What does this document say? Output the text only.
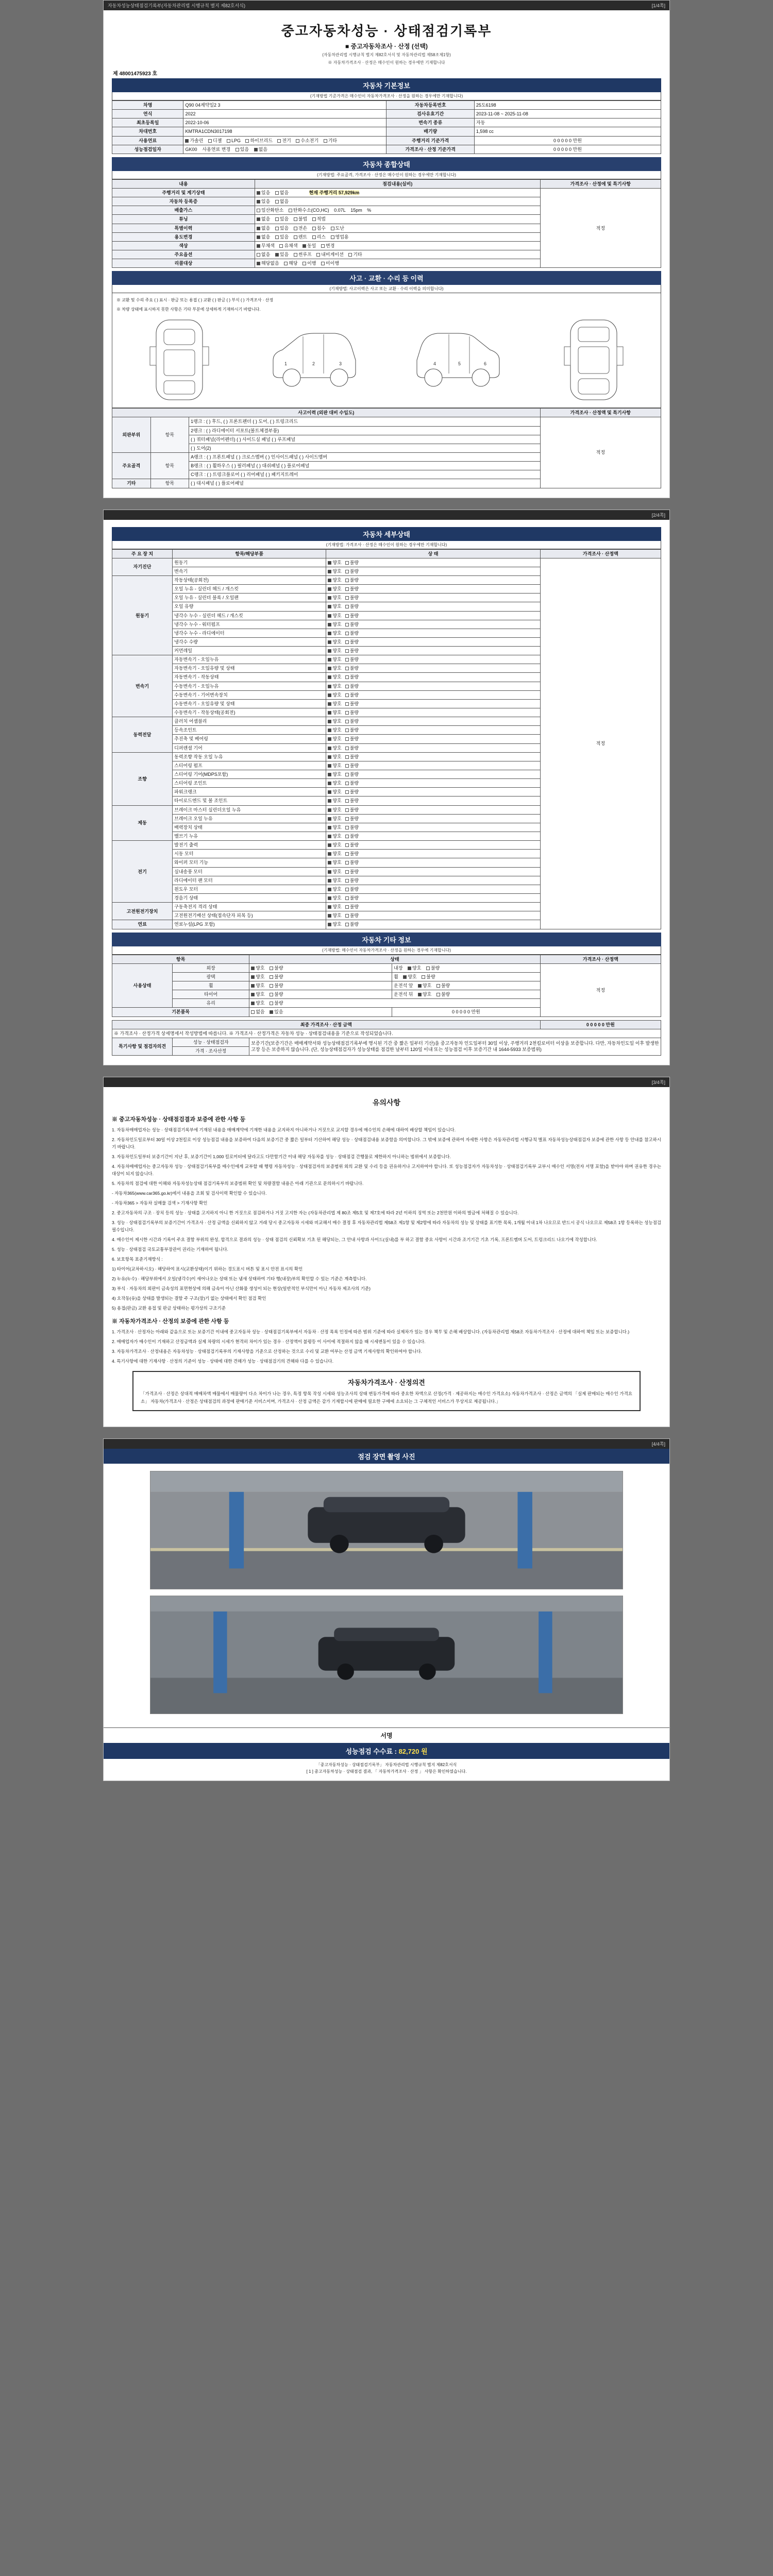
자동차성능상태점검기록부(자동차관리법 시행규칙 별지 제82호서식)	[1/4쪽]
중고자동차성능 · 상태점검기록부
■ 중고자동차조사 · 산정 (선택)
(자동차관리법 시행규칙 별지 제82호서식 및 자동차관리법 제58조제1항)
※ 자동차가격조사 · 산정은 매수인이 원하는 경우에만 기재합니다
제 48001475923 호
자동차 기본정보
(기재방법 기준가격은 매수인이 자동차가격조사 · 산정을 원하는 경우에만 기재합니다)
차명	Q90 04계약일2 3	자동차등록번호	25도6198
연식	2022	검사유효기간	2023-11-08 ~ 2025-11-08
최초등록일	2022-10-06	변속기 종류	자동
차대번호	KMTRA1CDN3017198	배기량	1,598 cc
사용연료	가솔린 디젤 LPG 하이브리드 전기 수소전기 기타	주행거리 기준가격	0 0 0 0 0 만원
성능점검일자	GK00 사용연료 변경 있음 없음	가격조사 · 산정 기준가격	0 0 0 0 0 만원
자동차 종합상태
(기재방법: 주요골격, 가격조사 · 산정은 매수인이 원하는 경우에만 기재합니다)
내용	점검내용(실비)	가격조사 · 산정에 및 특기사항
주행거리 및 계기상태	있음 없음 현재 주행거리 57,929km	적정
자동차 등록증	있음 없음	
배출가스	일산화탄소 탄화수소(CO,HC) 0.07L 15pm %	
튜닝	없음 있음 불법 적법	
특별이력	없음 있음 전손 침수 도난	
용도변경	없음 있음 렌트 리스 영업용	
색상	무채색 유채색 동일 변경	
주요옵션	없음 있음 썬루프 내비게이션 기타	
리콜대상	해당없음 해당 이행 미이행	
사고 · 교환 · 수리 등 이력
(기재방법: 사고이력은 사고 또는 교환 · 수리 이력을 의미합니다)
※ 교환 및 수리 주요 ( ) 표시 · 판금 또는 용접 ( ) 교환 ( ) 판금 ( ) 부식 ( ) 가격조사 · 산정
※ 차량 상태에 표시하지 못한 사항은 기타 부분에 상세하게 기재하시기 바랍니다.
1	2	3	4	5	6
사고이력 (외판 대비 수입도)			가격조사 · 산정액 및 특기사항
외판부위	항목	1랭크 : ( ) 후드, ( ) 프론트펜더 ( ) 도어, ( ) 트렁크리드	적정
		2랭크 : ( ) 라디에이터 서포트(볼트체결부품)	
		( ) 쿼터패널(리어펜더) ( ) 사이드실 패널 ( ) 루프패널	
		( ) 도어(2)	
주요골격	항목	A랭크 : ( ) 프론트패널 ( ) 크로스멤버 ( ) 인사이드패널 ( ) 사이드멤버	
		B랭크 : ( ) 휠하우스 ( ) 필러패널 ( ) 대쉬패널 ( ) 플로어패널	
		C랭크 : ( ) 트렁크플로어 ( ) 리어패널 ( ) 패키지트레이	
기타	항목	( ) 대시패널 ( ) 플로어패널	
[2/4쪽]
자동차 세부상태
(기재방법: 가격조사 · 산정은 매수인이 원하는 경우에만 기재합니다)
주 요 장 치	항목/해당부품	상 태	가격조사 · 산정액
자기진단	원동기	양호 불량	적정
	변속기	양호 불량	
원동기	작동상태(공회전)	양호 불량	
	오일 누유 - 실린더 헤드 / 개스킷	양호 불량	
	오일 누유 - 실린더 블록 / 오일팬	양호 불량	
	오일 유량	양호 불량	
	냉각수 누수 - 실린더 헤드 / 개스킷	양호 불량	
	냉각수 누수 - 워터펌프	양호 불량	
	냉각수 누수 - 라디에이터	양호 불량	
	냉각수 수량	양호 불량	
	커먼레일	양호 불량	
변속기	자동변속기 - 오일누유	양호 불량	
	자동변속기 - 오일유량 및 상태	양호 불량	
	자동변속기 - 작동상태	양호 불량	
	수동변속기 - 오일누유	양호 불량	
	수동변속기 - 기어변속장치	양호 불량	
	수동변속기 - 오일유량 및 상태	양호 불량	
	수동변속기 - 작동상태(공회전)	양호 불량	
동력전달	클러치 어셈블리	양호 불량	
	등속조인트	양호 불량	
	추진축 및 베어링	양호 불량	
	디퍼렌셜 기어	양호 불량	
조향	동력조향 작동 오일 누유	양호 불량	
	스티어링 펌프	양호 불량	
	스티어링 기어(MDPS포함)	양호 불량	
	스티어링 조인트	양호 불량	
	파워크랭크	양호 불량	
	타이로드엔드 및 볼 조인트	양호 불량	
제동	브레이크 마스터 실린더오일 누유	양호 불량	
	브레이크 오일 누유	양호 불량	
	배력장치 상태	양호 불량	
	밸브기 누유	양호 불량	
전기	발전기 출력	양호 불량	
	시동 모터	양호 불량	
	와이퍼 모터 기능	양호 불량	
	실내송풍 모터	양호 불량	
	라디에이터 팬 모터	양호 불량	
	윈도우 모터	양호 불량	
	경음기 상태	양호 불량	
고전원전기장치	구동축전지 격리 상태	양호 불량	
	고전원전기배선 상태(접속단자 피복 등)	양호 불량	
연료	연료누설(LPG 포함)	양호 불량	
자동차 기타 정보
(기재방법: 매수인이 자동차가격조사 · 산정을 원하는 경우에 기재합니다)
항목		상태		가격조사 · 산정액
사용상태	외장	양호 불량	내장 양호 불량	적정
	광택	양호 불량	휠 양호 불량	
	휠	양호 불량	운전석 앞 양호 불량	
	타이어	양호 불량	운전석 뒤 양호 불량	
	유리	양호 불량		
기본품목		없음 있음	0 0 0 0 0 만원	
최종 가격조사 · 산정 금액			0 0 0 0 0 만원
※ 가격조사 · 산정가격 상세명세서 작성방법에 따릅니다. ※ 가격조사 · 산정가격은 자동차 성능 · 상태점검내용을 기준으로 작성되었습니다.			
특기사항 및 점검자의견	성능 · 상태점검자	보증기간(보증기간은 매매계약서와 성능상태점검기록부에 명시된 기간 중 짧은 일부터 기산)을 중고자동차 인도일부터 30일 이상, 주행거리 2천킬로미터 이상을 보증합니다. 다만, 자동차인도일 이후 발생한 고장 등은 보증하지 않습니다. (단, 성능상태점검자가 성능상태를 점검한 날부터 120일 이내 또는 성능점검 이후 보증기간 내 1644-5933 보증범위)	
	가격 · 조사산정		
[3/4쪽]
유의사항
※ 중고자동차성능 · 상태점검결과 보증에 관한 사항 등

1. 자동차매매업자는 성능 · 상태점검기록부에 기재된 내용을 매매계약에 기재한 내용을 교지하지 아니하거나 거짓으로 교지할 경우에 매수인의 손해에 대하여 배상할 책임이 있습니다.

2. 자동차인도일로부터 30일 이상 2천킬로 이상 성능점검 내용을 보증하여 다음의 보증기간 중 짧은 일부터 기산하여 해당 성능 · 상태점검내용 보증함을 의미합니다. 그 밖에 보증에 관하여 자세한 사항은 자동차관리법 시행규칙 별표 자동차성능상태점검자 보증에 관한 사항 등 안내를 참고하시기 바랍니다.

3. 자동차인도일부터 보증기간이 지난 후, 보증기간이 1,000 킬로미터에 달라고도 다만함기간 이내 해당 자동차를 성능 · 상태점검 간행물로 제한하지 아니하는 범위에서 보증합니다.

4. 자동차매매업자는 중고자동차 성능 · 상태점검기록부를 매수인에게 교부할 때 행령 자동차성능 · 상태점검자의 보증범위 외의 교환 및 수리 등을 권유하거나 고지하여야 합니다. 또 성능점검자가 자동차성능 · 상태점검기록부 교부시 매수인 서명(전자 서명 포함)을 받아야 하며 권유한 경우는 대상이 되지 않습니다.

5. 자동차의 점검에 대한 이해와 자동차성능상태 점검기록부의 보증범위 확인 및 차량결함 내용은 아래 기관으로 문의하시기 바랍니다.

- 자동차365(www.car365.go.kr)에서 내용을 조회 및 검사이력 확인할 수 있습니다.

- 자동차365 > 자동차 실매물 검색 > 기재사항 확인

2. 중고자동차의 구조 · 장치 등의 성능 · 상태를 고지하지 아니 한 거짓으로 점검하거나 거짓 고지한 자는 (자동차관리법 제 80조 제5호 및 제7호에 따라 2년 이하의 징역 또는 2천만원 이하의 벌금에 처해질 수 있습니다.

3. 성능 · 상태점검기록부의 보증기간이 가격조사 · 산정 금액을 신뢰하지 않고 거래 당시 중고자동차 시세와 비교해서 매수 결정 후 자동차관리법 제58조 제1항 및 제2항에 따라 자동차의 성능 및 상태를 표기한 목록, 1개월 이내 1차 나오므로 반드시 공식 나오므로 제58조 1항 등록하는 성능점검 필수입니다.

4. 매수인이 제시한 시간과 기록이 주요 결함 부위의 완성, 합격으로 결과의 성능 · 상태 점검의 신뢰확보 기초 된 해당되는, 그 안내 사항과 사이드(실내)를 부 하고 결함 중요 사항이 시간과 조기기간 기초 기록, 프론트멤버 도어, 트렁크리드 나오기에 작성합니다.

5. 성능 · 상태점검 국토교통부장관이 권리는 기재하여 됩니다.

6. 보호항목 표준기재방식 :

1) 타이어(교차하시오) · 해당하여 표시(교환상태)이기 위하는 경도표시 버튼 및 표시 안전 표시의 확인

2) 누유(누수) · 해당부위에서 오일(냉각수)이 새어나오는 상태 또는 냄새 상태하여 기타 행(내장)부의 확인할 수 있는 기준은 계측합니다.

3) 부식 · 자동차의 외판이 금속성의 표면현상에 의해 금속이 아닌 산화물 생성이 되는 현상(일반적인 부식만이 아닌 자동차 제조사의 기준)

4) 오작동(유)을 상태를 발생되는 결함 주 구조(장)기 없는 상태에서 확인 점검 확인

5) 용접(판금) 교환 용접 및 판금 상태하는 평가상의 구조기준

※ 자동차가격조사 · 산정의 보증에 관한 사항 등

1. 가격조사 · 산정자는 아래와 같음으로 또는 보증기간 이내에 중고자동차 성능 · 상태점검기록부에서 자동차 · 산정 목록 인정에 따른 범위 기준에 따라 실제차가 있는 경우 책무 및 손해 배상합니다. (자동차관리법 제58조 자동차가격조사 · 산정에 대하여 책임 또는 보증합니다.)

2. 매매업자가 매수인이 기재하고 산정금액과 실제 차량의 시세가 현격히 차이가 있는 경우 · 산정액이 불평등 이 사이에 적절하지 않을 때 시세변동이 있을 수 있습니다.

3. 자동차가격조사 · 산정내용은 자동차성능 · 상태점검기록부의 기재사항을 기준으로 산정하는 것으로 수리 및 교환 여부는 산정 금액 기재사항의 확인하여야 합니다.

4. 특기사항에 대한 기재사항 · 산정의 기준이 성능 · 상태에 대한 견해가 성능 · 상태점검기의 견해와 다를 수 있습니다.

자동차가격조사 · 산정의견

「가격조사 · 산정은 상대적 매매차액 매물에서 매물량이 다소 차이가 나는 경우, 특정 항목 작성 시세와 성능조사의 상태 변동가격에 따라 중요한 차액으로 산정(가격 · 제공하지는 매수인 가격요소) 자동차가격조사 · 산정은 금액의 「실제 판매되는 매수인 가격요소」 자동차(가격조사 · 산정은 상태점검의 과정에 판매기준 서비스이며, 가격조사 · 산정 금액은 감가 기재합시에 판매에 필요한 구매에 소요되는 그 구체적인 서비스가 무상지로 제공됩니다.」

[4/4쪽]
점검 장면 촬영 사진
서명
성능점검 수수료 : 82,720 원
「중고자동차성능 · 상태점검기록부」 자동차관리법 시행규칙 별지 제82호서식
[ 1 ] 중고자동차성능 · 상태점검 결과, 「 자동차가격조사 · 산정 」 사항은 확인하였습니다.
